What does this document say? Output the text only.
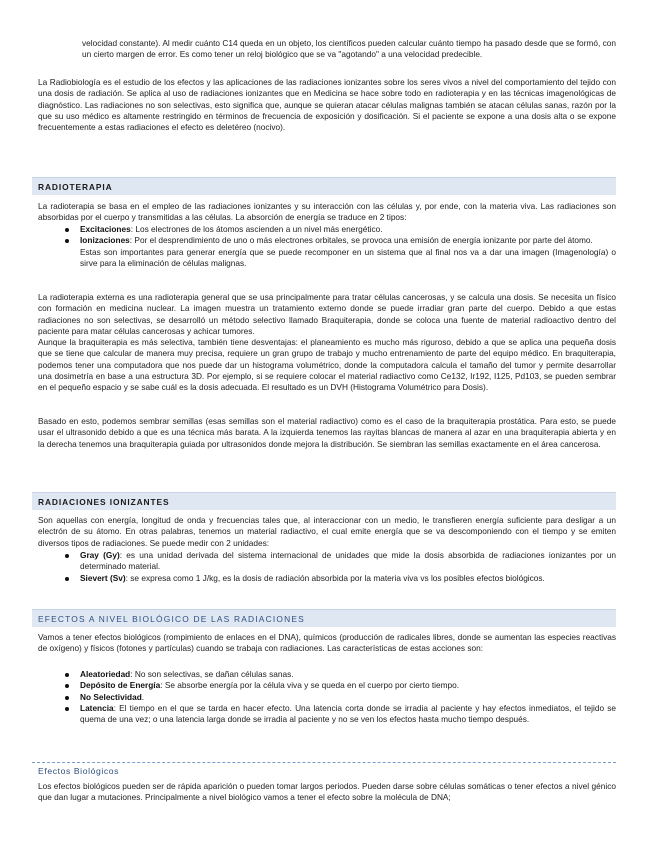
velocidad constante). Al medir cuánto C14 queda en un objeto, los científicos pueden calcular cuánto tiempo ha pasado desde que se formó, con un cierto margen de error. Es como tener un reloj biológico que se va "agotando" a una velocidad predecible.

La Radiobiología es el estudio de los efectos y las aplicaciones de las radiaciones ionizantes sobre los seres vivos a nivel del comportamiento del tejido con una dosis de radiación. Se aplica al uso de radiaciones ionizantes que en Medicina se hace sobre todo en radioterapia y en las técnicas imagenológicas de diagnóstico. Las radiaciones no son selectivas, esto significa que, aunque se quieran atacar células malignas también se atacan células sanas, razón por la que su uso médico es altamente restringido en términos de frecuencia de exposición y dosificación. Si el paciente se expone a una dosis alta o se expone frecuentemente a estas radiaciones el efecto es deletéreo (nocivo).

RADIOTERAPIA

La radioterapia se basa en el empleo de las radiaciones ionizantes y su interacción con las células y, por ende, con la materia viva. Las radiaciones son absorbidas por el cuerpo y transmitidas a las células. La absorción de energía se traduce en 2 tipos:

Excitaciones: Los electrones de los átomos ascienden a un nivel más energético.
Ionizaciones: Por el desprendimiento de uno o más electrones orbitales, se provoca una emisión de energía ionizante por parte del átomo.
Estas son importantes para generar energía que se puede recomponer en un sistema que al final nos va a dar una imagen (Imagenología) o sirve para la eliminación de células malignas.

La radioterapia externa es una radioterapia general que se usa principalmente para tratar células cancerosas, y se calcula una dosis. Se necesita un físico con formación en medicina nuclear. La imagen muestra un tratamiento externo donde se puede irradiar gran parte del cuerpo. Debido a que estas radiaciones no son selectivas, se desarrolló un método selectivo llamado Braquiterapia, donde se coloca una fuente de material radioactivo dentro del paciente para matar células cancerosas y achicar tumores.

Aunque la braquiterapia es más selectiva, también tiene desventajas: el planeamiento es mucho más riguroso, debido a que se aplica una pequeña dosis que se tiene que calcular de manera muy precisa, requiere un gran grupo de trabajo y mucho entrenamiento de parte del equipo médico. En braquiterapia, podemos tener una computadora que nos puede dar un histograma volumétrico, donde la computadora calcula el tamaño del tumor y permite desarrollar una dosimetría en base a una estructura 3D. Por ejemplo, si se requiere colocar el material radiactivo como Ce132, Ir192, I125, Pd103, se pueden sembrar en el pequeño espacio y se sabe cuál es la dosis adecuada. El resultado es un DVH (Histograma Volumétrico para Dosis).

Basado en esto, podemos sembrar semillas (esas semillas son el material radiactivo) como es el caso de la braquiterapia prostática. Para esto, se puede usar el ultrasonido debido a que es una técnica más barata. A la izquierda tenemos las rayitas blancas de manera al azar en una braquiterapia abierta y en la derecha tenemos una braquiterapia guiada por ultrasonidos donde mejora la distribución. Se siembran las semillas exactamente en el área cancerosa.

RADIACIONES IONIZANTES

Son aquellas con energía, longitud de onda y frecuencias tales que, al interaccionar con un medio, le transfieren energía suficiente para desligar a un electrón de su átomo. En otras palabras, tenemos un material radiactivo, el cual emite energía que se va descomponiendo con el tiempo y se emiten diversos tipos de radiaciones. Se puede medir con 2 unidades:

Gray (Gy): es una unidad derivada del sistema internacional de unidades que mide la dosis absorbida de radiaciones ionizantes por un determinado material.
Sievert (Sv): se expresa como 1 J/kg, es la dosis de radiación absorbida por la materia viva vs los posibles efectos biológicos.
EFECTOS A NIVEL BIOLÓGICO DE LAS RADIACIONES

Vamos a tener efectos biológicos (rompimiento de enlaces en el DNA), químicos (producción de radicales libres, donde se aumentan las especies reactivas de oxígeno) y físicos (fotones y partículas) cuando se trabaja con radiaciones. Las características de estas acciones son:

Aleatoriedad: No son selectivas, se dañan células sanas.
Depósito de Energía: Se absorbe energía por la célula viva y se queda en el cuerpo por cierto tiempo.
No Selectividad.
Latencia: El tiempo en el que se tarda en hacer efecto. Una latencia corta donde se irradia al paciente y hay efectos inmediatos, el tejido se quema de una vez; o una latencia larga donde se irradia al paciente y no se ven los efectos hasta mucho tiempo después.

Efectos Biológicos

Los efectos biológicos pueden ser de rápida aparición o pueden tomar largos periodos. Pueden darse sobre células somáticas o tener efectos a nivel génico que dan lugar a mutaciones. Principalmente a nivel biológico vamos a tener el efecto sobre la molécula de DNA;
